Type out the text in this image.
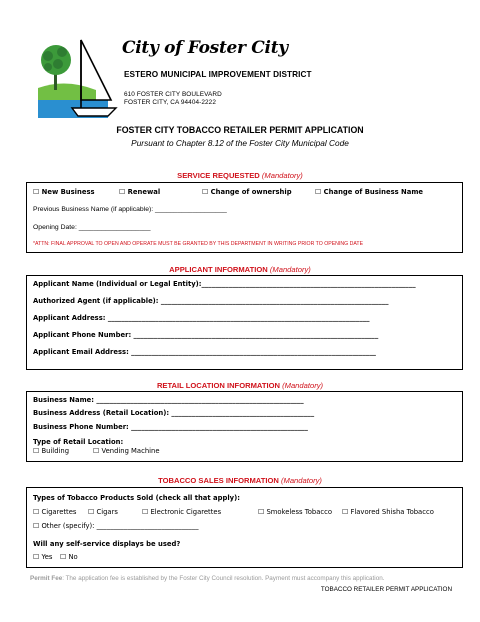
City of Foster City
ESTERO MUNICIPAL IMPROVEMENT DISTRICT
610 FOSTER CITY BOULEVARD
FOSTER CITY, CA 94404-2222
FOSTER CITY TOBACCO RETAILER PERMIT APPLICATION
Pursuant to Chapter 8.12 of the Foster City Municipal Code
SERVICE REQUESTED (Mandatory)
☐ New Business	☐ Renewal	☐ Change of ownership	☐ Change of Business Name
Previous Business Name (if applicable): ___________________
Opening Date: ___________________
*ATTN: FINAL APPROVAL TO OPEN AND OPERATE MUST BE GRANTED BY THIS DEPARTMENT IN WRITING PRIOR TO OPENING DATE
APPLICANT INFORMATION (Mandatory)
Applicant Name (Individual or Legal Entity):_______________________________________________________________
Authorized Agent (if applicable): ___________________________________________________________________
Applicant Address: _____________________________________________________________________________
Applicant Phone Number: ________________________________________________________________________
Applicant Email Address: ________________________________________________________________________
RETAIL LOCATION INFORMATION (Mandatory)
Business Name: _____________________________________________________________
Business Address (Retail Location): __________________________________________
Business Phone Number: ____________________________________________________
Type of Retail Location:
☐ Building	☐ Vending Machine
TOBACCO SALES INFORMATION (Mandatory)
Types of Tobacco Products Sold (check all that apply):
☐ Cigarettes ☐ Cigars	☐ Electronic Cigarettes	☐ Smokeless Tobacco ☐ Flavored Shisha Tobacco
☐ Other (specify): ______________________________
Will any self-service displays be used?
☐ Yes ☐ No
Permit Fee: The application fee is established by the Foster City Council resolution. Payment must accompany this application.
TOBACCO RETAILER PERMIT APPLICATION
